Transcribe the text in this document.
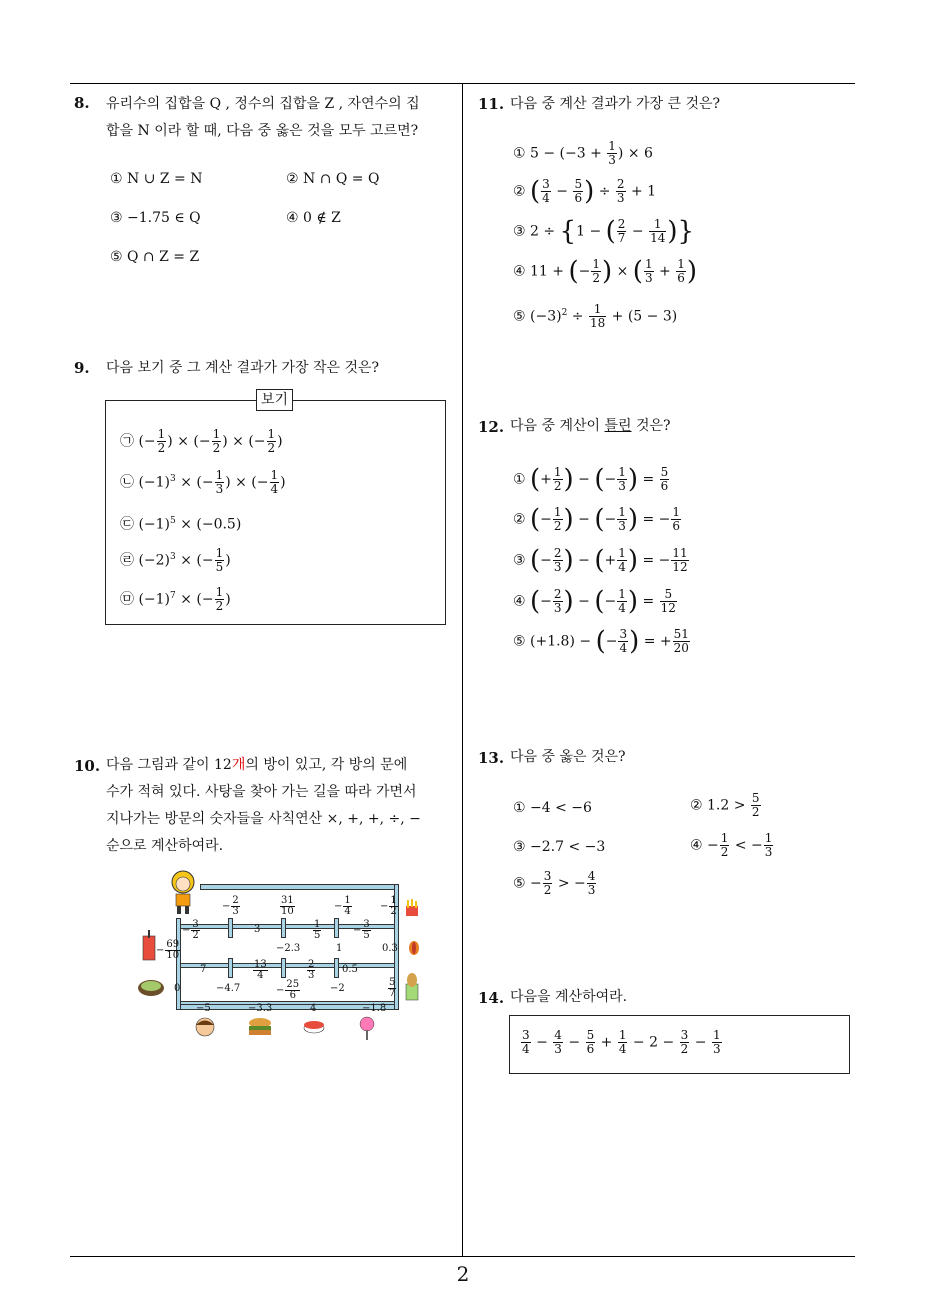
8. 유리수의 집합을 Q , 정수의 집합을 Z , 자연수의 집
합을 N 이라 할 때, 다음 중 옳은 것을 모두 고르면?
① N ∪ Z = N	② N ∩ Q = Q
③ −1.75 ∈ Q	④ 0 ∉ Z
⑤ Q ∩ Z = Z
9. 다음 보기 중 그 계산 결과가 가장 작은 것은?
보기
㉠ (− $\frac{1}{2}$ ) × (− $\frac{1}{2}$ ) × (− $\frac{1}{2}$ )
㉡ $(-1)^3$ × (− $\frac{1}{3}$ ) × (− $\frac{1}{4}$ )
㉢ $(-1)^5 \times (-0.5)$
㉣ $(-2)^3$ × (− $\frac{1}{5}$ )
㉤ $(-1)^7$ × (− $\frac{1}{2}$ )
10. 다음 그림과 같이 12개의 방이 있고, 각 방의 문에
수가 적혀 있다. 사탕을 찾아 가는 길을 따라 가면서
지나가는 방문의 숫자들을 사칙연산 ×, +, +, ÷, −
순으로 계산하여라.
− $\frac{2}{3}$	$\frac{31}{10}$	− $\frac{1}{4}$	− $\frac{1}{2}$
− $\frac{3}{2}$	$\frac{1}{5}$	− $\frac{3}{5}$
− $\frac{69}{10}$
$\frac{13}{4}$	$\frac{2}{3}$
− $\frac{25}{6}$	$\frac{5}{7}$
0.3
1
3
−2.3
7	0.5
−4.7	−2
0
−5	−3.3	4	−1.8
11. 다음 중 계산 결과가 가장 큰 것은?
① $5 - (-3 + \frac{1}{3}$ ) × 6
② ( $\frac{3}{4} - \frac{5}{6}$ ) ÷ $\frac{2}{3} + 1$
③ 2 ÷ {1 − ( $\frac{2}{7} - \frac{1}{14}$ )}
④ 11 + (− $\frac{1}{2}$ ) × ( $\frac{1}{3} + \frac{1}{6}$ )
⑤ $(-3)^2 \div \frac{1}{18} + (5 - 3)$
12. 다음 중 계산이 틀린 것은?
① (+ $\frac{1}{2}$ ) − (− $\frac{1}{3}$ ) = $\frac{5}{6}$
② (− $\frac{1}{2}$ ) − (− $\frac{1}{3}$ ) = − $\frac{1}{6}$
③ (− $\frac{2}{3}$ ) − (+ $\frac{1}{4}$ ) = − $\frac{11}{12}$
④ (− $\frac{2}{3}$ ) − (− $\frac{1}{4}$ ) = $\frac{5}{12}$
⑤ (+1.8) − (− $\frac{3}{4}$ ) = + $\frac{51}{20}$
13. 다음 중 옳은 것은?
① −4 < −6	② $1.2 > \frac{5}{2}$
③ −2.7 < −3	④ − $\frac{1}{2}$ < − $\frac{1}{3}$
⑤ − $\frac{3}{2}$ > − $\frac{4}{3}$
14. 다음을 계산하여라.
$\frac{3}{4} - \frac{4}{3} - \frac{5}{6} + \frac{1}{4} - 2 - \frac{3}{2} - \frac{1}{3}$
2
